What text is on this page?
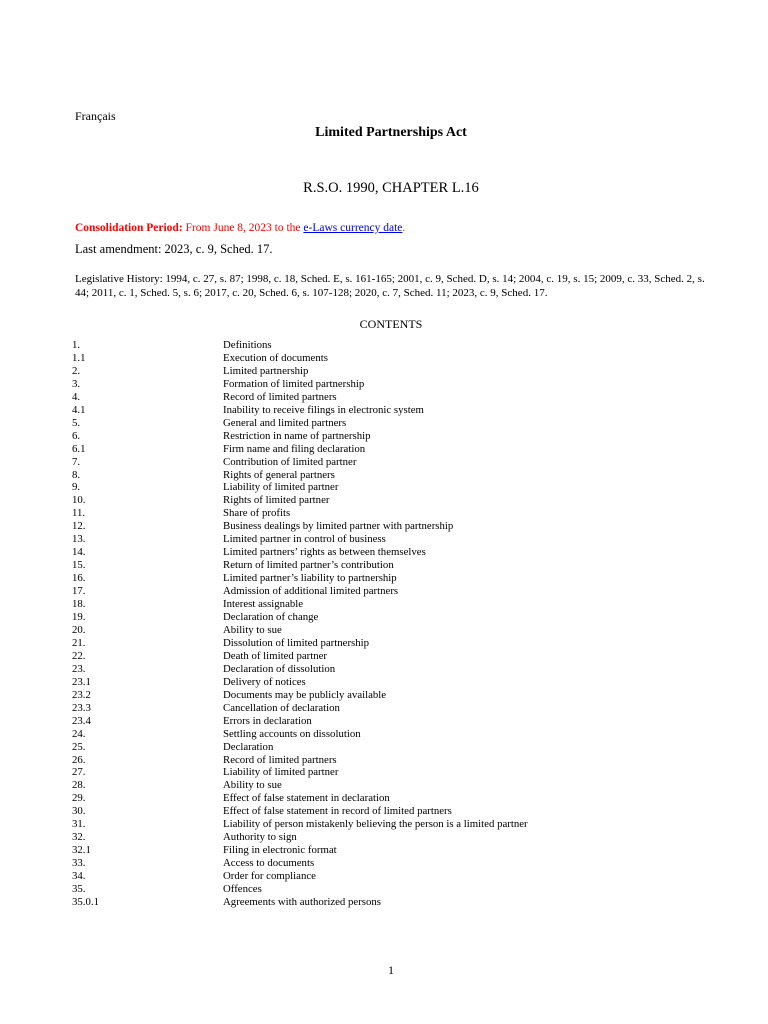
Français
Limited Partnerships Act
R.S.O. 1990, CHAPTER L.16
Consolidation Period: From June 8, 2023 to the e-Laws currency date.
Last amendment: 2023, c. 9, Sched. 17.
Legislative History: 1994, c. 27, s. 87; 1998, c. 18, Sched. E, s. 161-165; 2001, c. 9, Sched. D, s. 14; 2004, c. 19, s. 15; 2009, c. 33, Sched. 2, s. 44; 2011, c. 1, Sched. 5, s. 6; 2017, c. 20, Sched. 6, s. 107-128; 2020, c. 7, Sched. 11; 2023, c. 9, Sched. 17.
CONTENTS
1.	Definitions
1.1	Execution of documents
2.	Limited partnership
3.	Formation of limited partnership
4.	Record of limited partners
4.1	Inability to receive filings in electronic system
5.	General and limited partners
6.	Restriction in name of partnership
6.1	Firm name and filing declaration
7.	Contribution of limited partner
8.	Rights of general partners
9.	Liability of limited partner
10.	Rights of limited partner
11.	Share of profits
12.	Business dealings by limited partner with partnership
13.	Limited partner in control of business
14.	Limited partners’ rights as between themselves
15.	Return of limited partner’s contribution
16.	Limited partner’s liability to partnership
17.	Admission of additional limited partners
18.	Interest assignable
19.	Declaration of change
20.	Ability to sue
21.	Dissolution of limited partnership
22.	Death of limited partner
23.	Declaration of dissolution
23.1	Delivery of notices
23.2	Documents may be publicly available
23.3	Cancellation of declaration
23.4	Errors in declaration
24.	Settling accounts on dissolution
25.	Declaration
26.	Record of limited partners
27.	Liability of limited partner
28.	Ability to sue
29.	Effect of false statement in declaration
30.	Effect of false statement in record of limited partners
31.	Liability of person mistakenly believing the person is a limited partner
32.	Authority to sign
32.1	Filing in electronic format
33.	Access to documents
34.	Order for compliance
35.	Offences
35.0.1	Agreements with authorized persons
1
